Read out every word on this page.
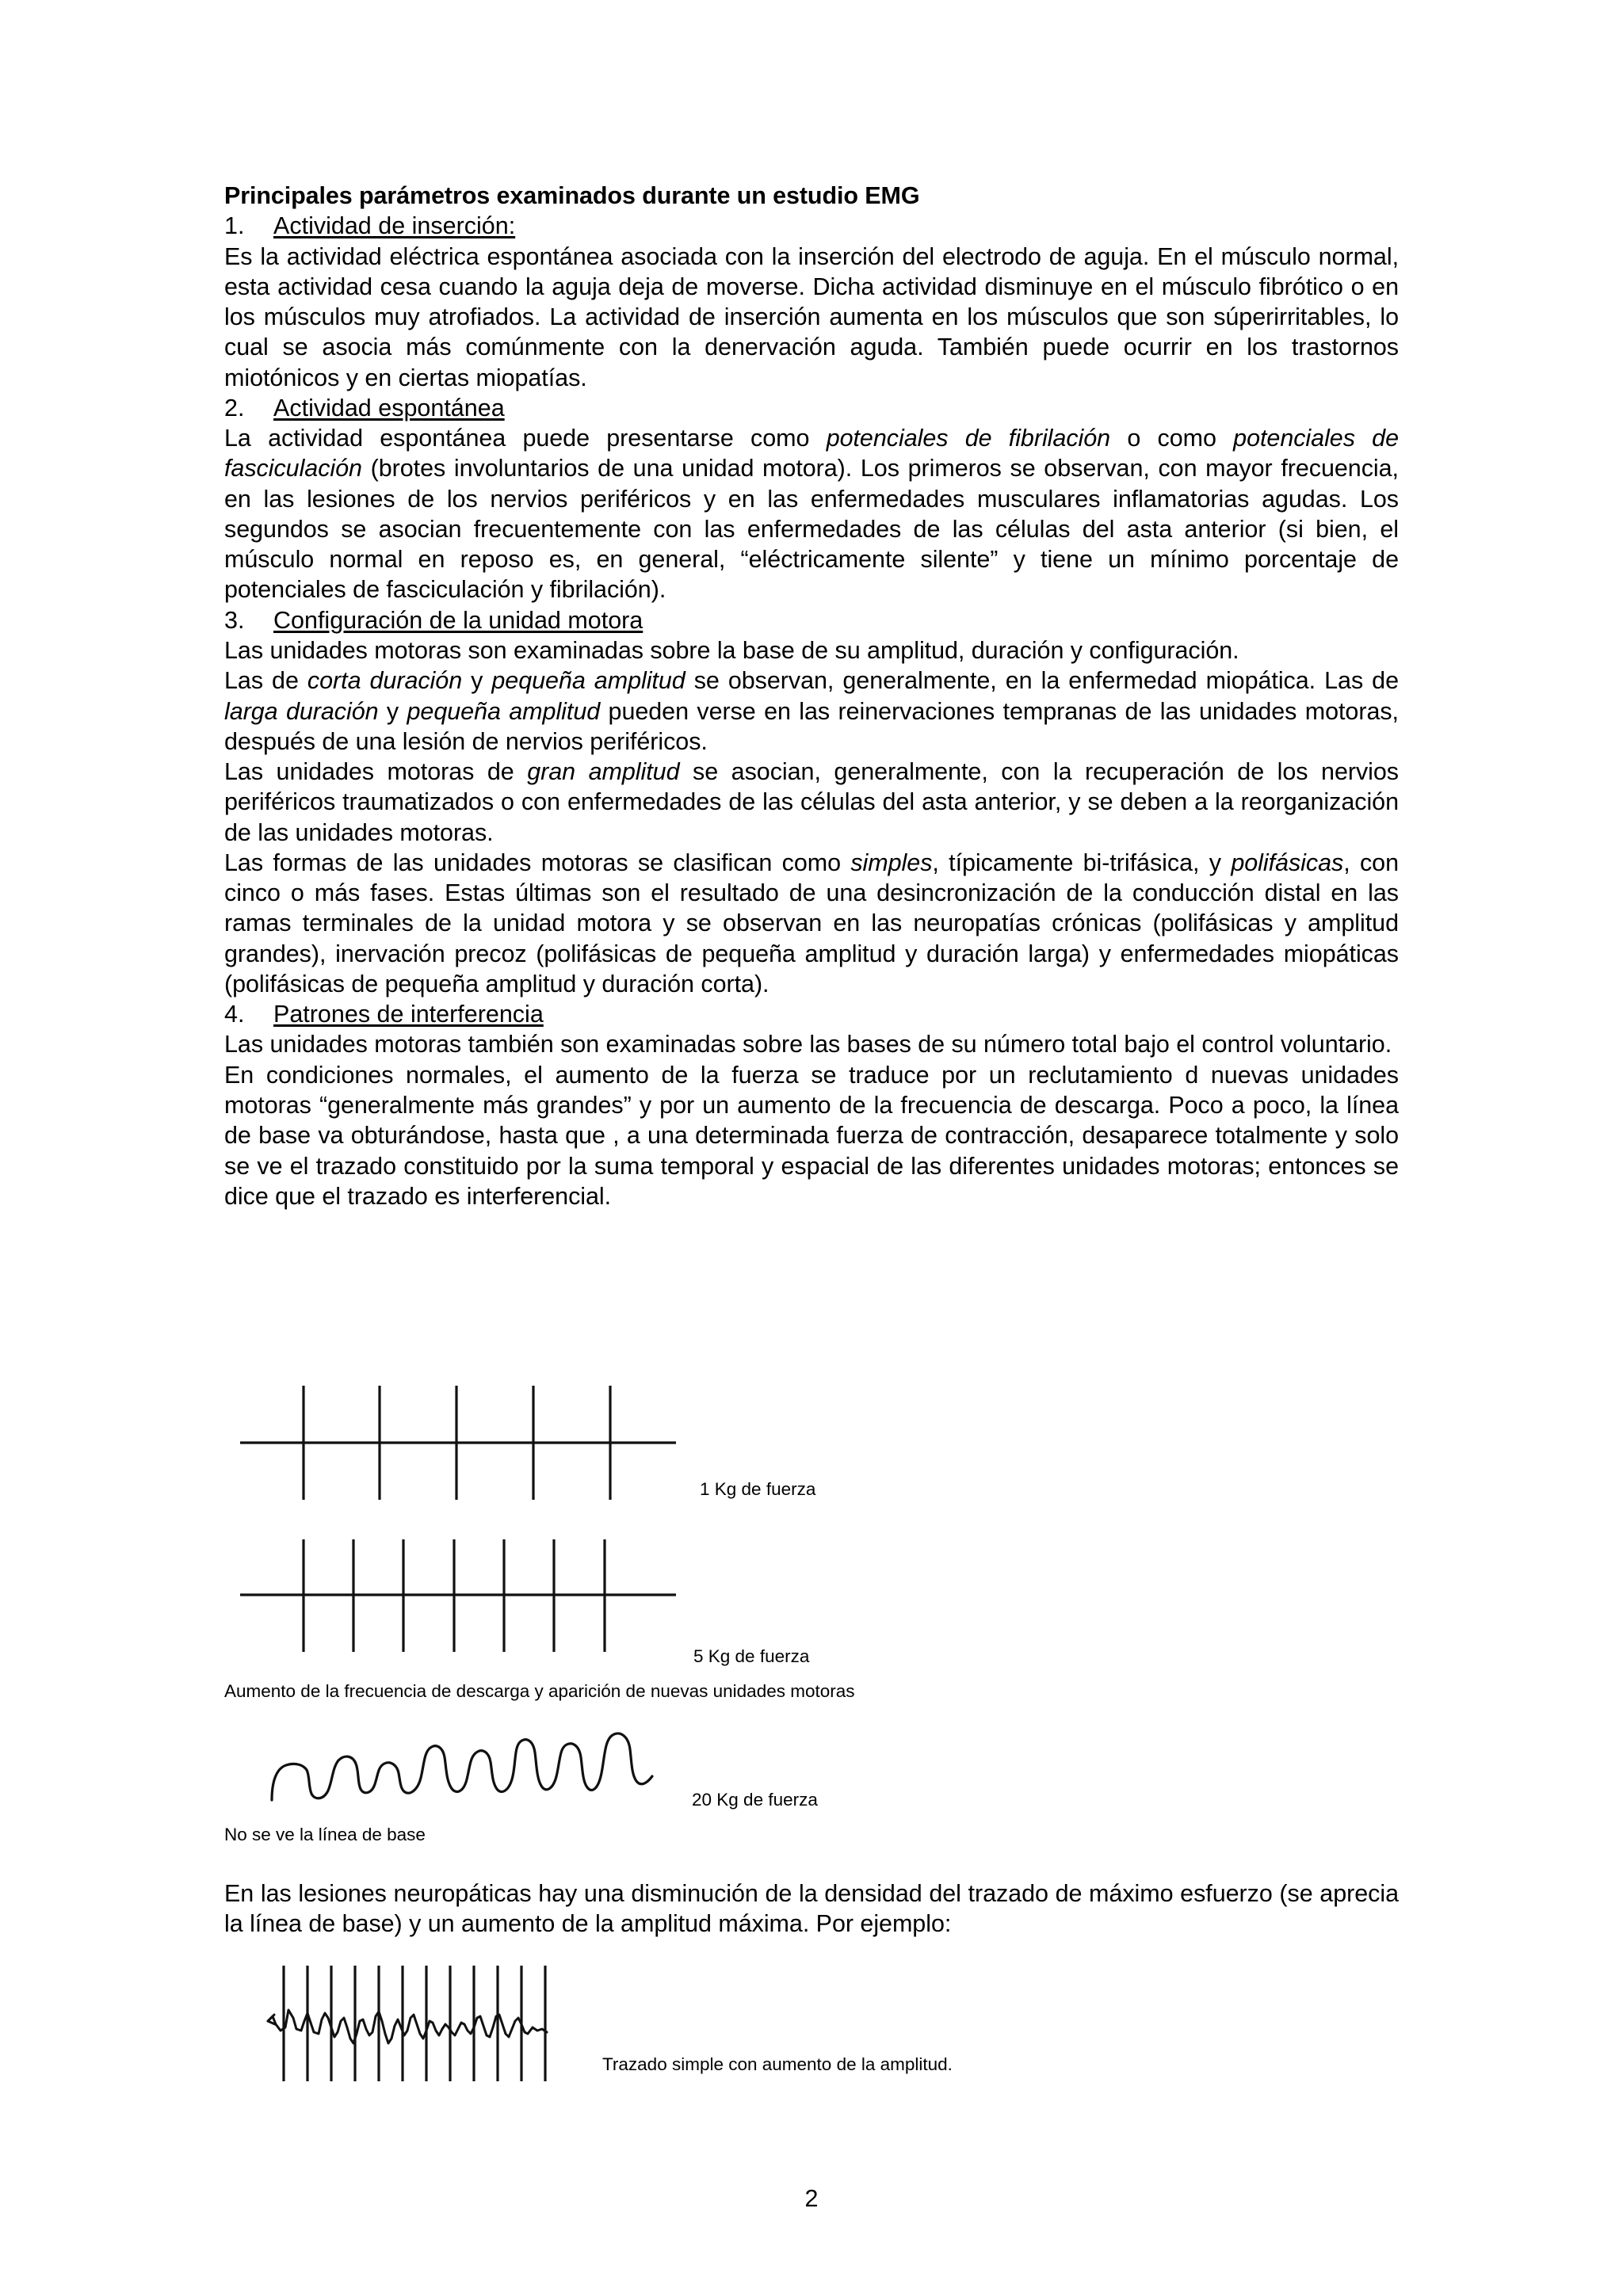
Principales parámetros examinados durante un estudio EMG
1. Actividad de inserción:

Es la actividad eléctrica espontánea asociada con la inserción del electrodo de aguja. En el músculo normal, esta actividad cesa cuando la aguja deja de moverse. Dicha actividad disminuye en el músculo fibrótico o en los músculos muy atrofiados. La actividad de inserción aumenta en los músculos que son súperirritables, lo cual se asocia más comúnmente con la denervación aguda. También puede ocurrir en los trastornos miotónicos y en ciertas miopatías.

2. Actividad espontánea

La actividad espontánea puede presentarse como potenciales de fibrilación o como potenciales de fasciculación (brotes involuntarios de una unidad motora). Los primeros se observan, con mayor frecuencia, en las lesiones de los nervios periféricos y en las enfermedades musculares inflamatorias agudas. Los segundos se asocian frecuentemente con las enfermedades de las células del asta anterior (si bien, el músculo normal en reposo es, en general, “eléctricamente silente” y tiene un mínimo porcentaje de potenciales de fasciculación y fibrilación).

3. Configuración de la unidad motora

Las unidades motoras son examinadas sobre la base de su amplitud, duración y configuración.

Las de corta duración y pequeña amplitud se observan, generalmente, en la enfermedad miopática. Las de larga duración y pequeña amplitud pueden verse en las reinervaciones tempranas de las unidades motoras, después de una lesión de nervios periféricos.

Las unidades motoras de gran amplitud se asocian, generalmente, con la recuperación de los nervios periféricos traumatizados o con enfermedades de las células del asta anterior, y se deben a la reorganización de las unidades motoras.

Las formas de las unidades motoras se clasifican como simples, típicamente bi-trifásica, y polifásicas, con cinco o más fases. Estas últimas son el resultado de una desincronización de la conducción distal en las ramas terminales de la unidad motora y se observan en las neuropatías crónicas (polifásicas y amplitud grandes), inervación precoz (polifásicas de pequeña amplitud y duración larga) y enfermedades miopáticas (polifásicas de pequeña amplitud y duración corta).

4. Patrones de interferencia

Las unidades motoras también son examinadas sobre las bases de su número total bajo el control voluntario.

En condiciones normales, el aumento de la fuerza se traduce por un reclutamiento d nuevas unidades motoras “generalmente más grandes” y por un aumento de la frecuencia de descarga. Poco a poco, la línea de base va obturándose, hasta que , a una determinada fuerza de contracción, desaparece totalmente y solo se ve el trazado constituido por la suma temporal y espacial de las diferentes unidades motoras; entonces se dice que el trazado es interferencial.

1 Kg de fuerza
5 Kg de fuerza
Aumento de la frecuencia de descarga y aparición de nuevas unidades motoras
20 Kg de fuerza
No se ve la línea de base

En las lesiones neuropáticas hay una disminución de la densidad del trazado de máximo esfuerzo (se aprecia la línea de base) y un aumento de la amplitud máxima. Por ejemplo:

Trazado simple con aumento de la amplitud.
2
